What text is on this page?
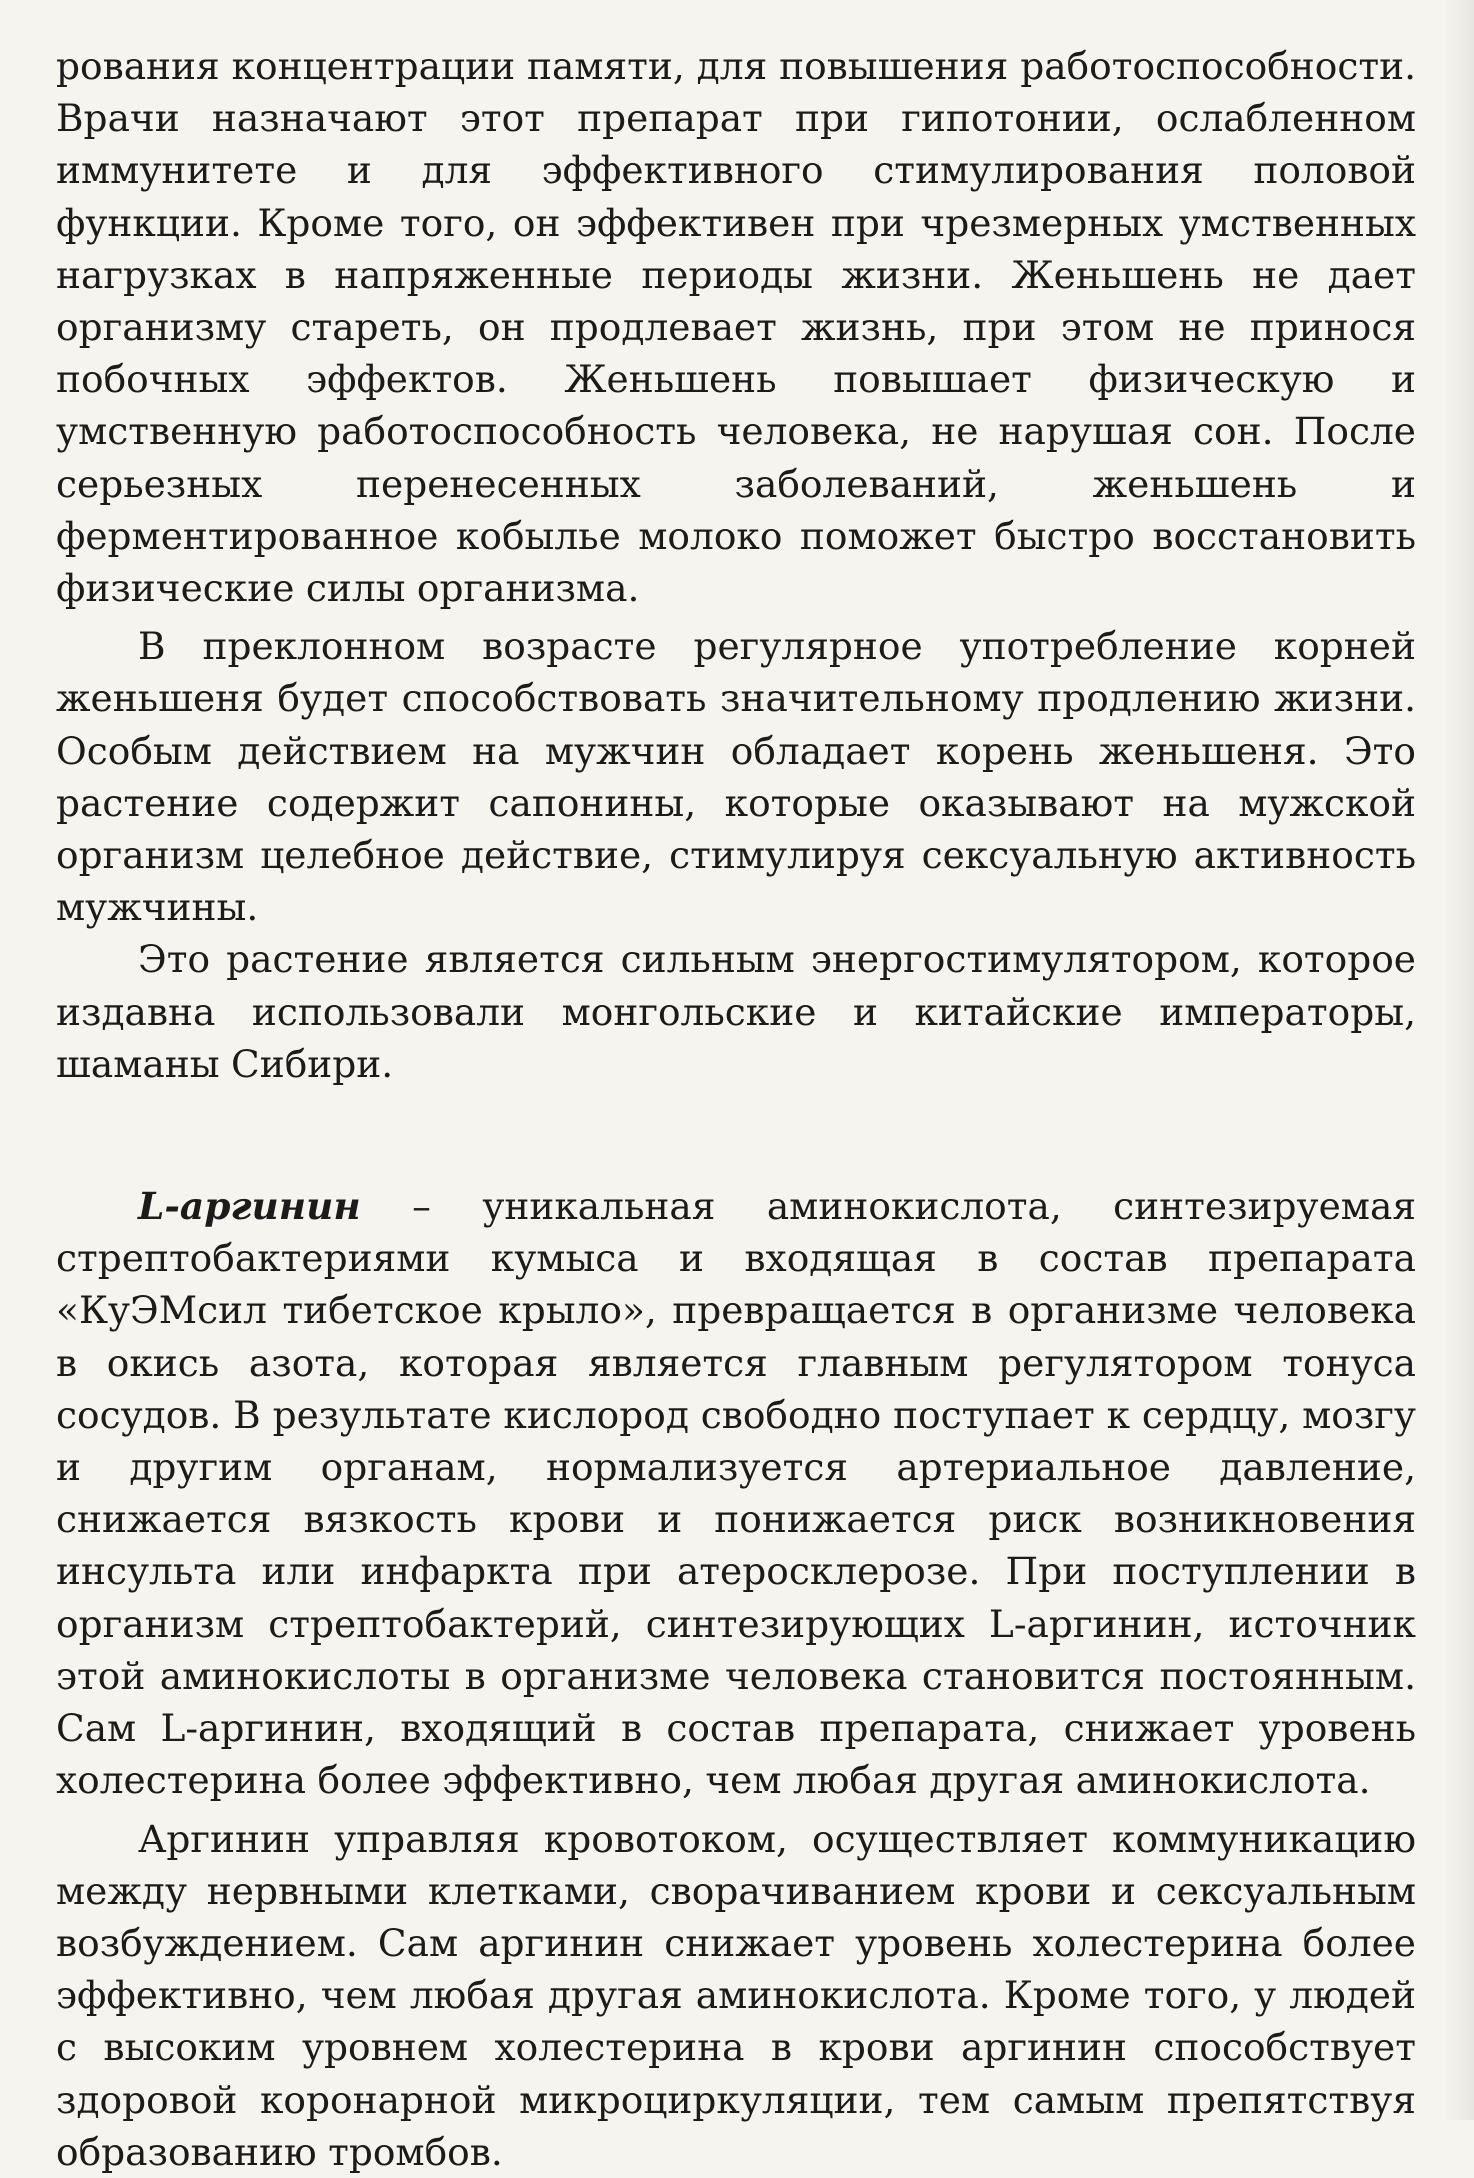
рования концентрации памяти, для повышения работоспособности. Врачи назначают этот препарат при гипотонии, ослабленном иммунитете и для эффективного стимулирования половой функции. Кроме того, он эффективен при чрезмерных умственных нагрузках в напряженные периоды жизни. Женьшень не дает организму стареть, он продлевает жизнь, при этом не принося побочных эффектов. Женьшень повышает физическую и умственную работоспособность человека, не нарушая сон. После серьезных перенесенных заболеваний, женьшень и ферментированное кобылье молоко поможет быстро восстановить физические силы организма.

В преклонном возрасте регулярное употребление корней женьшеня будет способствовать значительному продлению жизни. Особым действием на мужчин обладает корень женьшеня. Это растение содержит сапонины, которые оказывают на мужской организм целебное действие, стимулируя сексуальную активность мужчины.

Это растение является сильным энергостимулятором, которое издавна использовали монгольские и китайские императоры, шаманы Сибири.

L-аргинин – уникальная аминокислота, синтезируемая стрептобактериями кумыса и входящая в состав препарата «КуЭМсил тибетское крыло», превращается в организме человека в окись азота, которая является главным регулятором тонуса сосудов. В результате кислород свободно поступает к сердцу, мозгу и другим органам, нормализуется артериальное давление, снижается вязкость крови и понижается риск возникновения инсульта или инфаркта при атеросклерозе. При поступлении в организм стрептобактерий, синтезирующих L-аргинин, источник этой аминокислоты в организме человека становится постоянным. Сам L-аргинин, входящий в состав препарата, снижает уровень холестерина более эффективно, чем любая другая аминокислота.

Аргинин управляя кровотоком, осуществляет коммуникацию между нервными клетками, свoрачиванием крови и сексуальным возбуждением. Сам аргинин снижает уровень холестерина более эффективно, чем любая другая аминокислота. Кроме того, у людей с высоким уровнем холестерина в крови аргинин способствует здоровой коронарной микроциркуляции, тем самым препятствуя образованию тромбов.
